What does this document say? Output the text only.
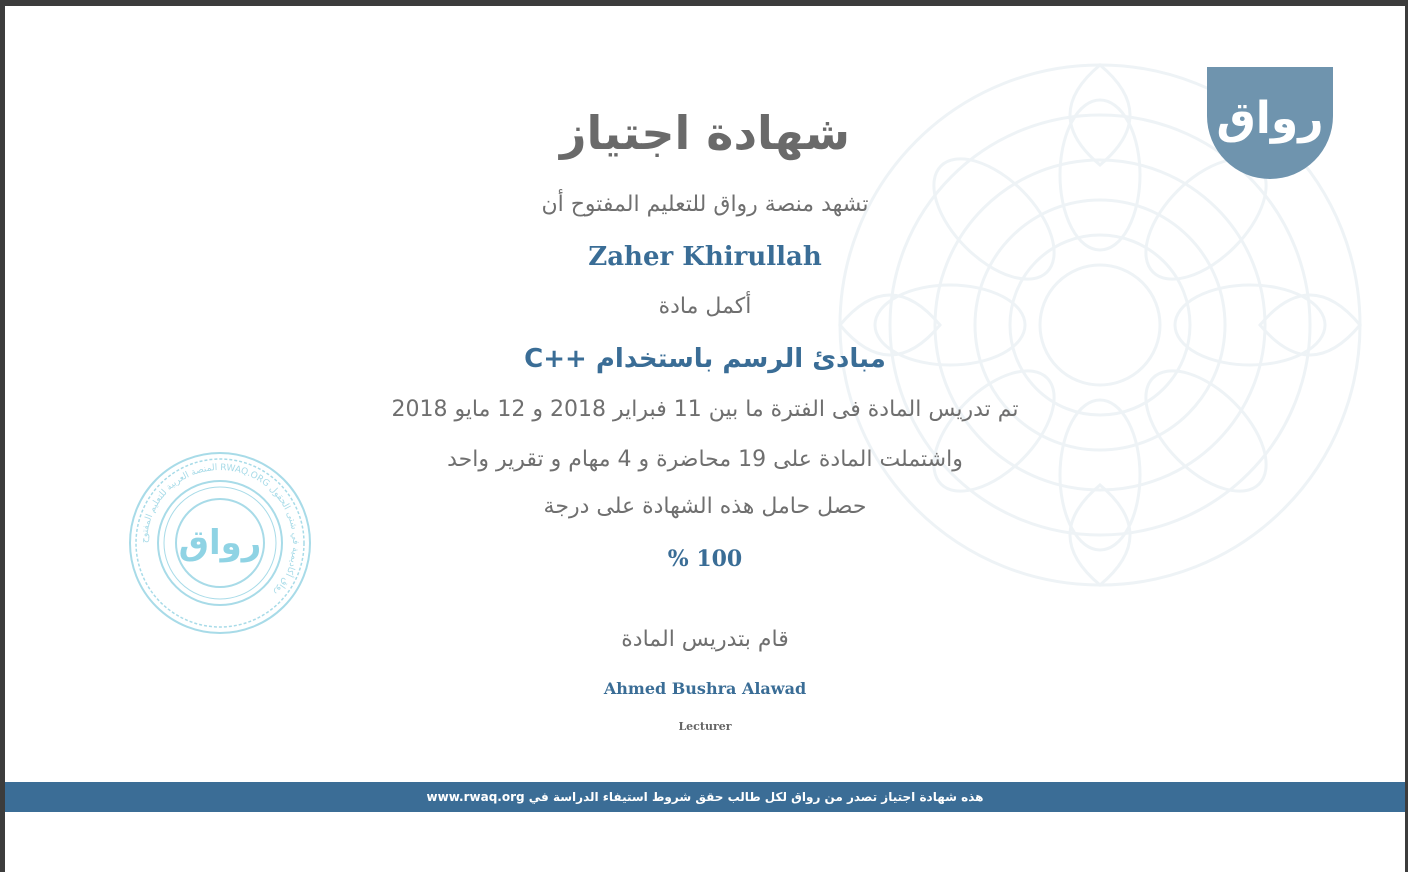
رواق
المنصة العربية للتعليم المفتوح RWAQ.ORG رواق أكاديمية في شتى الحقول
رواق
شهادة اجتياز
تشهد منصة رواق للتعليم المفتوح أن
Zaher Khirullah
أكمل مادة
مبادئ الرسم باستخدام ++C
تم تدريس المادة فى الفترة ما بين 11 فبراير 2018 و 12 مايو 2018
واشتملت المادة على 19 محاضرة و 4 مهام و تقرير واحد
حصل حامل هذه الشهادة على درجة
% 100
قام بتدريس المادة
Ahmed Bushra Alawad
Lecturer
هذه شهادة اجتياز تصدر من رواق لكل طالب حقق شروط استيفاء الدراسة في www.rwaq.org
